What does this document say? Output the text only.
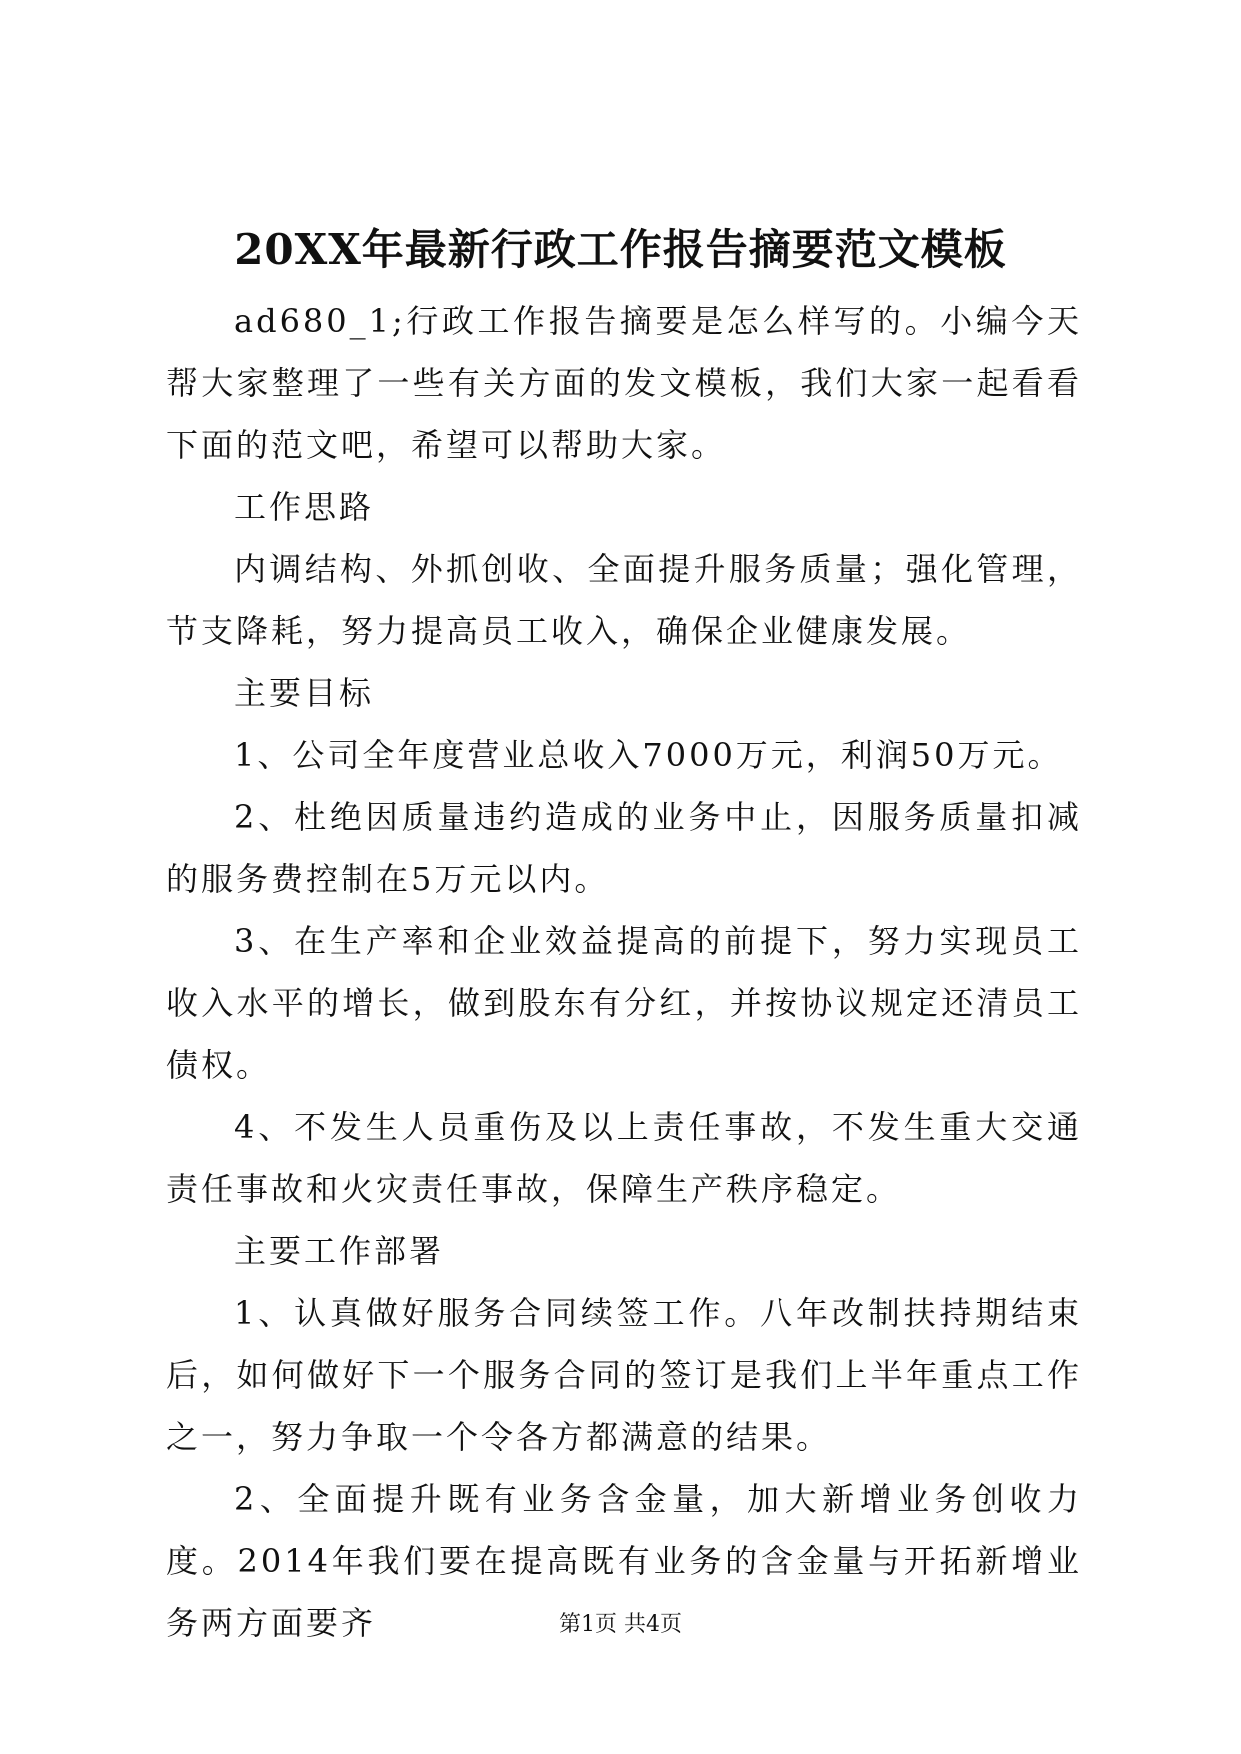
20XX年最新行政工作报告摘要范文模板

ad680_1;行政工作报告摘要是怎么样写的。小编今天帮大家整理了一些有关方面的发文模板，我们大家一起看看下面的范文吧，希望可以帮助大家。

工作思路

内调结构、外抓创收、全面提升服务质量；强化管理，节支降耗，努力提高员工收入，确保企业健康发展。

主要目标

1、公司全年度营业总收入7000万元，利润50万元。

2、杜绝因质量违约造成的业务中止，因服务质量扣减的服务费控制在5万元以内。

3、在生产率和企业效益提高的前提下，努力实现员工收入水平的增长，做到股东有分红，并按协议规定还清员工债权。

4、不发生人员重伤及以上责任事故，不发生重大交通责任事故和火灾责任事故，保障生产秩序稳定。

主要工作部署

1、认真做好服务合同续签工作。八年改制扶持期结束后，如何做好下一个服务合同的签订是我们上半年重点工作之一，努力争取一个令各方都满意的结果。

2、全面提升既有业务含金量，加大新增业务创收力度。2014年我们要在提高既有业务的含金量与开拓新增业务两方面要齐	第1页 共4页
